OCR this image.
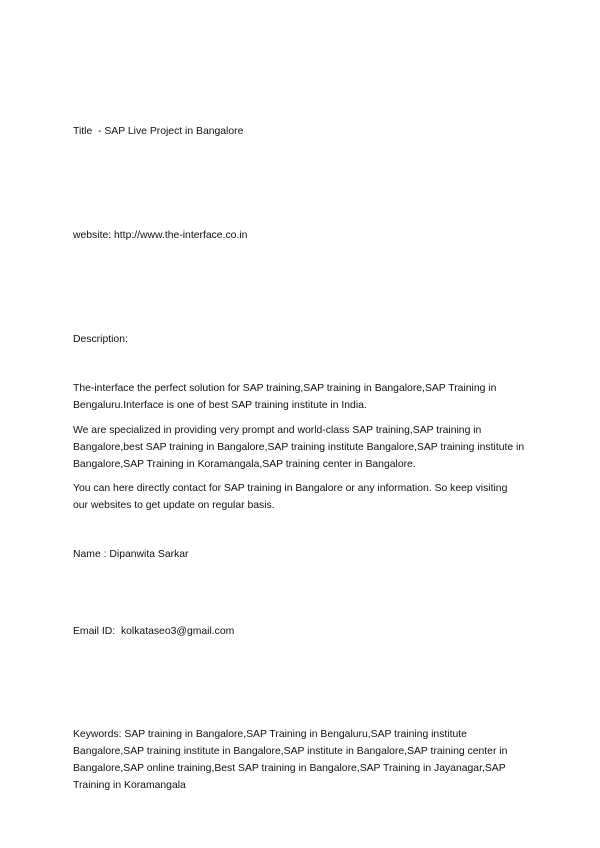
Title - SAP Live Project in Bangalore
website: http://www.the-interface.co.in
Description:
The-interface the perfect solution for SAP training,SAP training in Bangalore,SAP Training in Bengaluru.Interface is one of best SAP training institute in India.
We are specialized in providing very prompt and world-class SAP training,SAP training in Bangalore,best SAP training in Bangalore,SAP training institute Bangalore,SAP training institute in Bangalore,SAP Training in Koramangala,SAP training center in Bangalore.
You can here directly contact for SAP training in Bangalore or any information. So keep visiting our websites to get update on regular basis.
Name : Dipanwita Sarkar
Email ID: kolkataseo3@gmail.com
Keywords: SAP training in Bangalore,SAP Training in Bengaluru,SAP training institute Bangalore,SAP training institute in Bangalore,SAP institute in Bangalore,SAP training center in Bangalore,SAP online training,Best SAP training in Bangalore,SAP Training in Jayanagar,SAP Training in Koramangala
